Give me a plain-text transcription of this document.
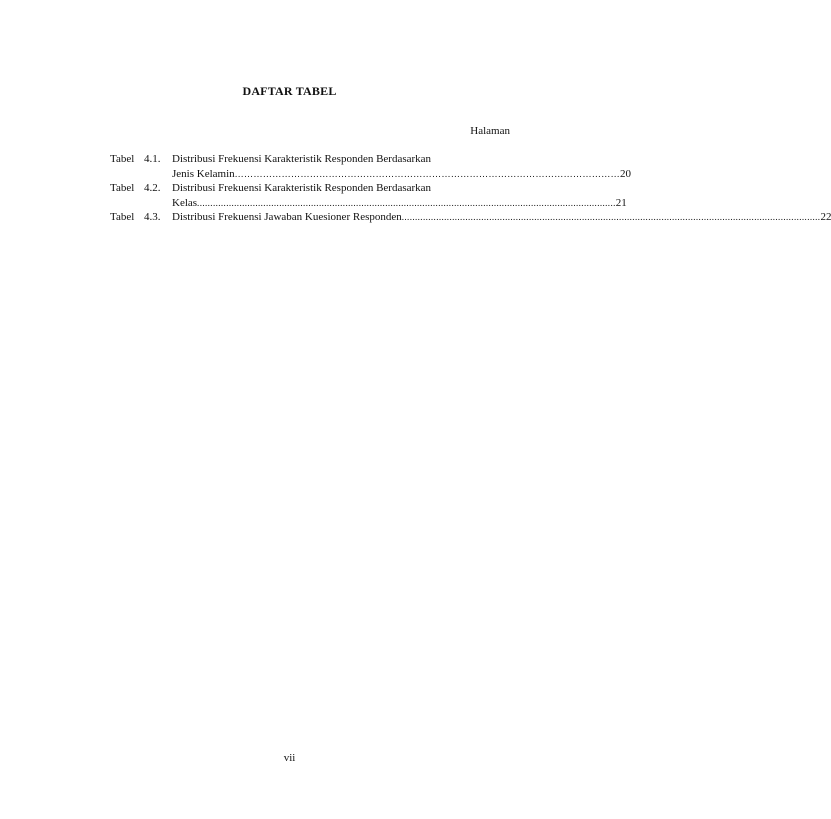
DAFTAR TABEL
Halaman
Tabel 4.1. Distribusi Frekuensi Karakteristik Responden Berdasarkan
Jenis Kelamin …………………………………………………………………………………………………………… 20
Tabel 4.2. Distribusi Frekuensi Karakteristik Responden Berdasarkan
Kelas .............................................................................................................................................................. 21
Tabel 4.3. Distribusi Frekuensi Jawaban Kuesioner Responden .............................................................................................................................................................. 22
vii
